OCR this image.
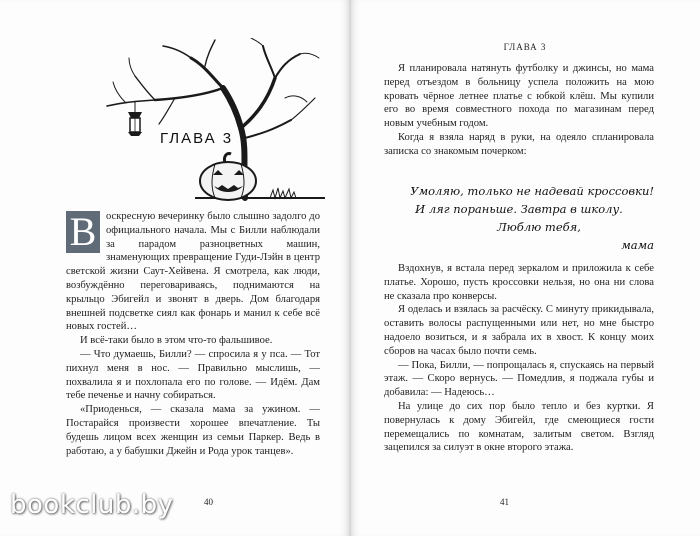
ГЛАВА 3

В оскресную вечеринку было слышно задолго до официального начала. Мы с Билли наблюдали за парадом разноцветных машин, знаменующих превращение Гуди-Лэйн в центр светской жизни Саут-Хейвена. Я смотрела, как люди, возбуждённо переговариваясь, поднимаются на крыльцо Эбигейл и звонят в дверь. Дом благодаря внешней подсветке сиял как фонарь и манил к себе всё новых гостей…

И всё-таки было в этом что-то фальшивое.

— Что думаешь, Билли? — спросила я у пса. — Тот пихнул меня в нос. — Правильно мыслишь, — похвалила я и похлопала его по голове. — Идём. Дам тебе печенье и начну собираться.

«Приоденься, — сказала мама за ужином. — Постарайся произвести хорошее впечатление. Ты будешь лицом всех женщин из семьи Паркер. Ведь в работаю, а у бабушки Джейн и Рода урок танцев».

40
ГЛАВА 3

Я планировала натянуть футболку и джинсы, но мама перед отъездом в больницу успела положить на мою кровать чёрное летнее платье с юбкой клёш. Мы купили его во время совместного похода по магазинам перед новым учебным годом.

Когда я взяла наряд в руки, на одеяло спланировала записка со знакомым почерком:

Умоляю, только не надевай кроссовки!
И ляг пораньше. Завтра в школу.
Люблю тебя,
мама

Вздохнув, я встала перед зеркалом и приложила к себе платье. Хорошо, пусть кроссовки нельзя, но она ни слова не сказала про конверсы.

Я оделась и взялась за расчёску. С минуту прикидывала, оставить волосы распущенными или нет, но мне быстро надоело возиться, и я забрала их в хвост. К концу моих сборов на часах было почти семь.

— Пока, Билли, — попрощалась я, спускаясь на первый этаж. — Скоро вернусь. — Помедлив, я поджала губы и добавила: — Надеюсь…

На улице до сих пор было тепло и без куртки. Я повернулась к дому Эбигейл, где смеющиеся гости перемещались по комнатам, залитым светом. Взгляд зацепился за силуэт в окне второго этажа.

41
bookclub.by
